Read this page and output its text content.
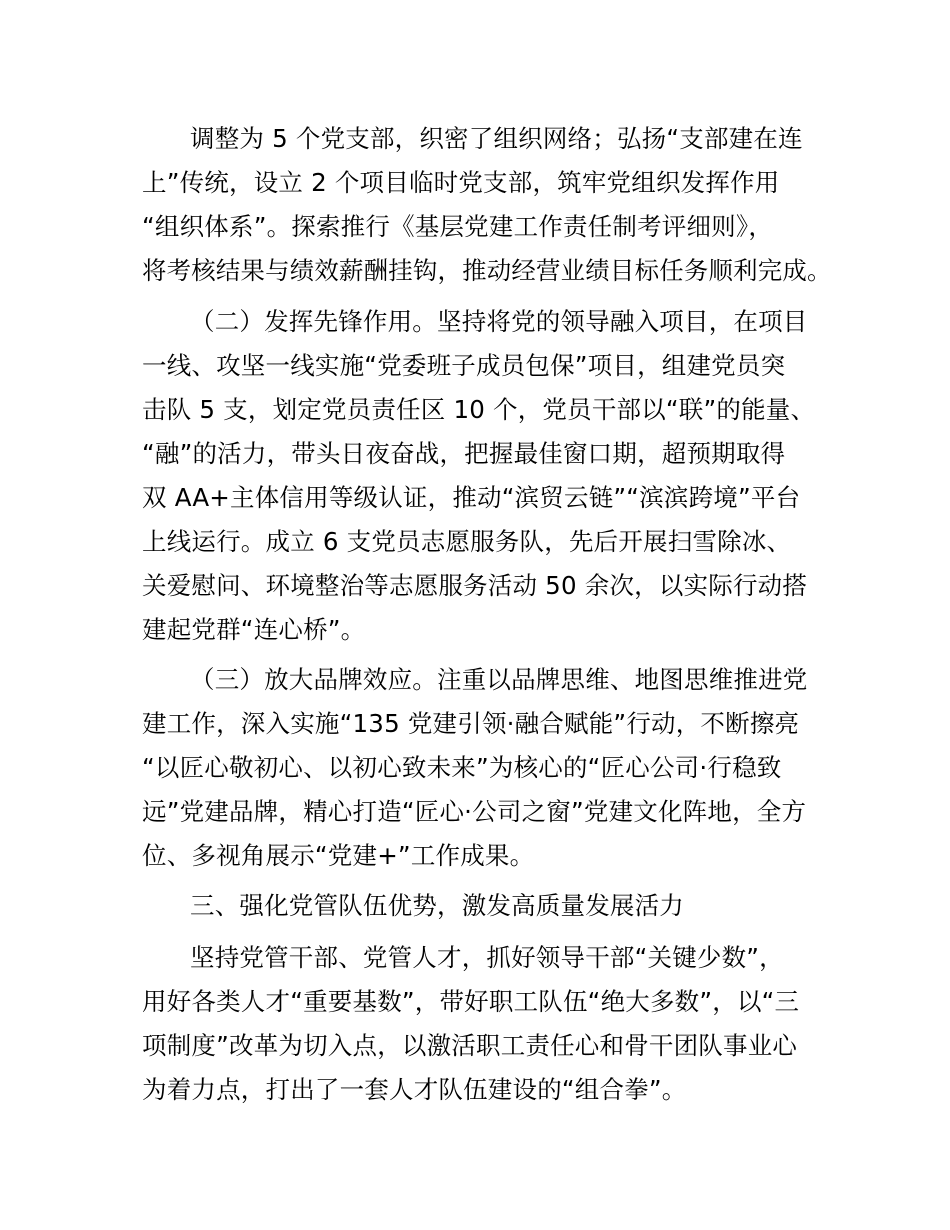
调整为 5 个党支部，织密了组织网络；弘扬“支部建在连
上”传统，设立 2 个项目临时党支部，筑牢党组织发挥作用
“组织体系”。探索推行《基层党建工作责任制考评细则》，
将考核结果与绩效薪酬挂钩，推动经营业绩目标任务顺利完成。
（二）发挥先锋作用。坚持将党的领导融入项目，在项目
一线、攻坚一线实施“党委班子成员包保”项目，组建党员突
击队 5 支，划定党员责任区 10 个，党员干部以“联”的能量、
“融”的活力，带头日夜奋战，把握最佳窗口期，超预期取得
双 AA+主体信用等级认证，推动“滨贸云链”“滨滨跨境”平台
上线运行。成立 6 支党员志愿服务队，先后开展扫雪除冰、
关爱慰问、环境整治等志愿服务活动 50 余次，以实际行动搭
建起党群“连心桥”。
（三）放大品牌效应。注重以品牌思维、地图思维推进党
建工作，深入实施“135 党建引领·融合赋能”行动，不断擦亮
“以匠心敬初心、以初心致未来”为核心的“匠心公司·行稳致
远”党建品牌，精心打造“匠心·公司之窗”党建文化阵地，全方
位、多视角展示“党建+”工作成果。
三、强化党管队伍优势，激发高质量发展活力
坚持党管干部、党管人才，抓好领导干部“关键少数”，
用好各类人才“重要基数”，带好职工队伍“绝大多数”，以“三
项制度”改革为切入点，以激活职工责任心和骨干团队事业心
为着力点，打出了一套人才队伍建设的“组合拳”。
